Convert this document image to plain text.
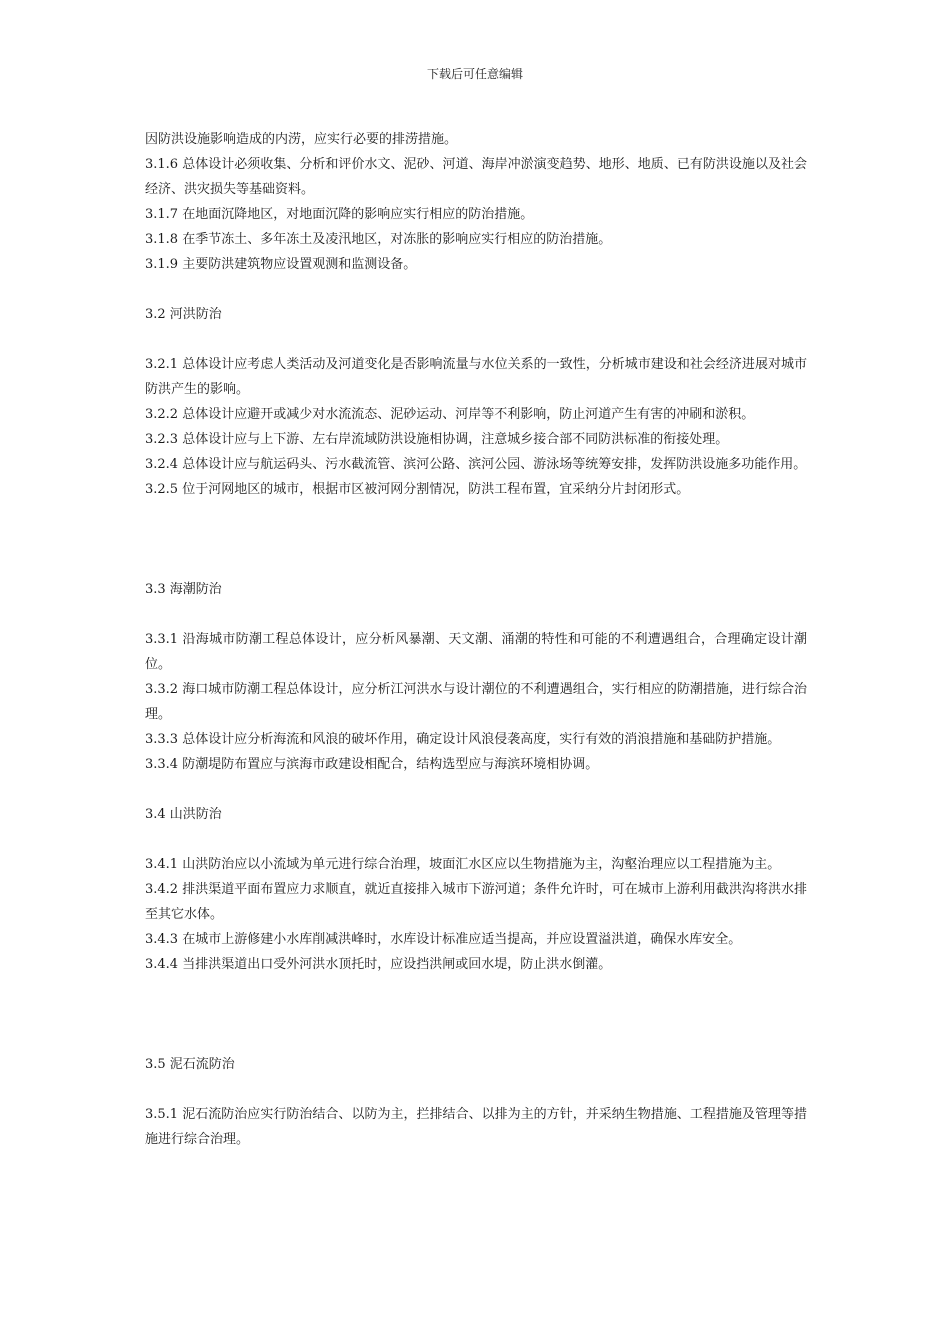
下载后可任意编辑

因防洪设施影响造成的内涝，应实行必要的排涝措施。

3.1.6 总体设计必须收集、分析和评价水文、泥砂、河道、海岸冲淤演变趋势、地形、地质、已有防洪设施以及社会经济、洪灾损失等基础资料。

3.1.7 在地面沉降地区，对地面沉降的影响应实行相应的防治措施。

3.1.8 在季节冻土、多年冻土及凌汛地区，对冻胀的影响应实行相应的防治措施。

3.1.9 主要防洪建筑物应设置观测和监测设备。

3.2 河洪防治

3.2.1 总体设计应考虑人类活动及河道变化是否影响流量与水位关系的一致性，分析城市建设和社会经济进展对城市防洪产生的影响。

3.2.2 总体设计应避开或减少对水流流态、泥砂运动、河岸等不利影响，防止河道产生有害的冲刷和淤积。

3.2.3 总体设计应与上下游、左右岸流域防洪设施相协调，注意城乡接合部不同防洪标准的衔接处理。

3.2.4 总体设计应与航运码头、污水截流管、滨河公路、滨河公园、游泳场等统筹安排，发挥防洪设施多功能作用。

3.2.5 位于河网地区的城市，根据市区被河网分割情况，防洪工程布置，宜采纳分片封闭形式。

3.3 海潮防治

3.3.1 沿海城市防潮工程总体设计，应分析风暴潮、天文潮、涌潮的特性和可能的不利遭遇组合，合理确定设计潮位。

3.3.2 海口城市防潮工程总体设计，应分析江河洪水与设计潮位的不利遭遇组合，实行相应的防潮措施，进行综合治理。

3.3.3 总体设计应分析海流和风浪的破坏作用，确定设计风浪侵袭高度，实行有效的消浪措施和基础防护措施。

3.3.4 防潮堤防布置应与滨海市政建设相配合，结构选型应与海滨环境相协调。

3.4 山洪防治

3.4.1 山洪防治应以小流域为单元进行综合治理，坡面汇水区应以生物措施为主，沟壑治理应以工程措施为主。

3.4.2 排洪渠道平面布置应力求顺直，就近直接排入城市下游河道；条件允许时，可在城市上游利用截洪沟将洪水排至其它水体。

3.4.3 在城市上游修建小水库削减洪峰时，水库设计标准应适当提高，并应设置溢洪道，确保水库安全。

3.4.4 当排洪渠道出口受外河洪水顶托时，应设挡洪闸或回水堤，防止洪水倒灌。

3.5 泥石流防治

3.5.1 泥石流防治应实行防治结合、以防为主，拦排结合、以排为主的方针，并采纳生物措施、工程措施及管理等措施进行综合治理。
